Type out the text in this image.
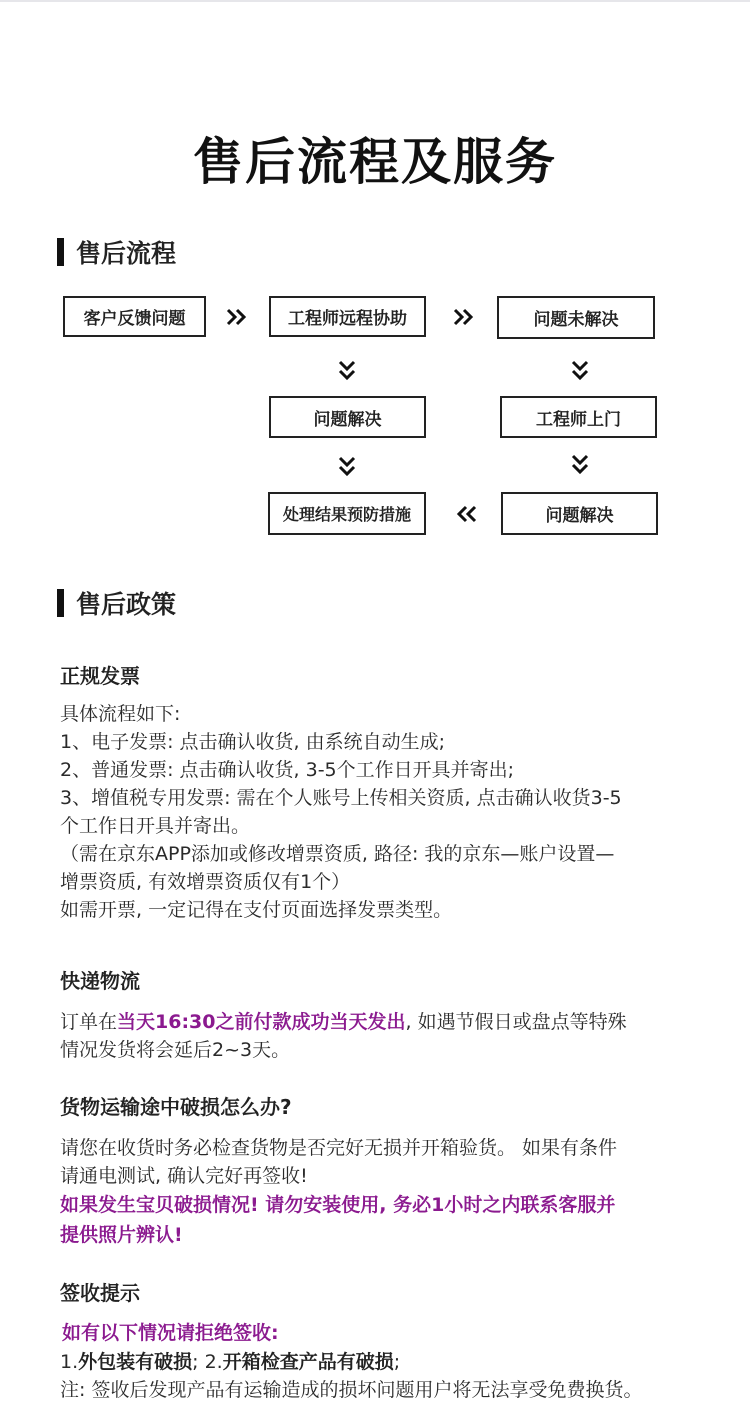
售后流程及服务
售后流程
客户反馈问题	工程师远程协助	问题未解决
问题解决	工程师上门
处理结果预防措施	问题解决
售后政策
正规发票
具体流程如下:
1、电子发票: 点击确认收货, 由系统自动生成;
2、普通发票: 点击确认收货, 3-5个工作日开具并寄出;
3、增值税专用发票: 需在个人账号上传相关资质, 点击确认收货3-5
个工作日开具并寄出。
（需在京东APP添加或修改增票资质, 路径: 我的京东—账户设置—
增票资质, 有效增票资质仅有1个）
如需开票, 一定记得在支付页面选择发票类型。
快递物流
订单在当天16:30之前付款成功当天发出, 如遇节假日或盘点等特殊
情况发货将会延后2~3天。
货物运输途中破损怎么办?
请您在收货时务必检查货物是否完好无损并开箱验货。 如果有条件
请通电测试, 确认完好再签收!
如果发生宝贝破损情况! 请勿安装使用, 务必1小时之内联系客服并
提供照片辨认!
签收提示
如有以下情况请拒绝签收:
1.外包装有破损; 2.开箱检查产品有破损;
注: 签收后发现产品有运输造成的损坏问题用户将无法享受免费换货。
